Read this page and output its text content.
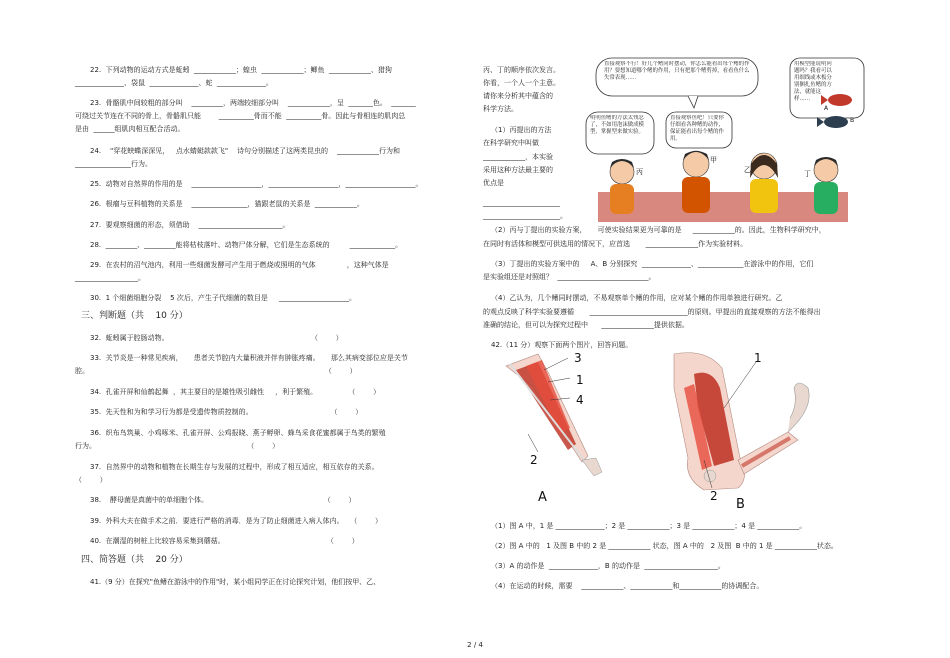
22.  下列动物的运动方式是蚯蚓  ____________；蝗虫  ____________；鲫鱼  ____________、猎狗
______________、袋鼠  ______________、蛇  ______________。
23.  骨骼肌中间较粗的部分叫    _________，两端较细部分叫    ____________，呈  _______色。  _______
可绕过关节连在不同的骨上，骨骼肌只能        __________骨而不能  __________骨。因此与骨相连的肌肉总
是由  ______组肌肉相互配合活动。
24.    "穿花蛱蝶深深见，   点水蜻蜓款款飞"    诗句分别描述了这两类昆虫的    ____________行为和
________________行为。
25.  动物对自然界的作用的是    ____________________，____________________，____________________。
26.  根瘤与豆科植物的关系是    ________________，猫跟老鼠的关系是  ____________。
27.  要观察细菌的形态，须借助    ________________________。
28.  _________、_________能将枯枝落叶、动物尸体分解，它们是生态系统的         _____________。
29.  在农村的沼气池内，利用一些细菌发酵可产生用于燃烧或照明的气体              ，这种气体是
__________________。
30.  1 个细菌细胞分裂    5 次后，产生子代细菌的数目是     ____________________。
三、判断题（共    10 分）
32.  蚯蚓属于腔肠动物。                                                                （        ）
33.  关节炎是一种常见疾病，     患者关节腔内大量积液并伴有肿胀疼痛。     那么其病变部位应是关节
腔。                                                                                                          （        ）
34.  孔雀开屏和仙鹤起舞  ，其主要目的是雄性吸引雌性     ，利于繁殖。              （        ）
35.  先天性和为和学习行为都是受遗传物质控制的。                                   （        ）
36.  织布鸟筑巢、小鸡啄米、孔雀开屏、公鸡报晓、燕子孵卵、蜂鸟采食花蜜都属于鸟类的繁殖
行为。                                                                    （        ）
37.  自然界中的动物和植物在长期生存与发展的过程中，形成了相互适应，相互依存的关系。
（        ）
38.    酵母菌是真菌中的单细胞个体。                                                    （        ）
39.  外科大夫在做手术之前．要进行严格的消毒．是为了防止细菌进入病人体内。   （        ）
40.  在潮湿的树桩上比较容易采集到蘑菇。                                              （        ）
四、简答题（共    20 分）
41.（9 分）在探究"鱼鳍在游泳中的作用"时，某小组同学正在讨论探究计划，他们按甲、乙、
丙、丁的顺序依次发言。
你看，一个人一个主意。
请你来分析其中蕴含的
科学方法。
（1）丙提出的方法
在科学研究中叫做
____________，本实验
采用这种方法最主要的
优点是
______________________
______________________。
（2）丙与丁提出的实验方案，     可使实验结果更为可靠的是     ____________的。因此，生物科学研究中，
在同时有活体和模型可供选用的情况下，应首选       _______________作为实验材料。
（3）丁提出的实验方案中的     A、B 分别探究  ______________、_____________在游泳中的作用，它们
是实验组还是对照组？  __________________________。
（4）乙认为，几个鳍同时摆动，不易观察单个鳍的作用，应对某个鳍的作用单独进行研究。乙
的观点反映了科学实验要遵循       ____________________________的原则。甲提出的直接观察的方法不能得出
准确的结论，但可以为探究过程中      _______________提供依据。
42.（11 分）观察下面两个图片，回答问题。
（1）图 A 中，1 是 ______________；2 是 ____________；3 是 ____________；4 是 ____________。
（2）图 A 中的   1 及图 B 中的 2 是 ____________ 状态，图 A 中的   2 及图  B 中的 1 是 ____________状态。
（3）A 的动作是  ______________，B 的动作是  _____________________。
（4）在运动的时候，需要    ____________、____________和____________的协调配合。
直接观察不行！好几个鳍同时摆动，你怎么能看出每个鳍的作用？要想知道哪个鳍的作用，只有把那个鳍剪掉，看看鱼什么失常表现……
用模型能说明问题吗？我看可以用细线或木板分别捆扎鱼鳍的方法，就能这样……
A
B
明明鱼鳍的方法太残忍了，不如用泡沫做成模型，掌握型来做实验。
直接观察鱼吧！只要你仔细看各种鳍的动作，保证能看出每个鳍的作用。
丙
甲
乙	丁
3
1
4
2
A
1
2
B
2 / 4
